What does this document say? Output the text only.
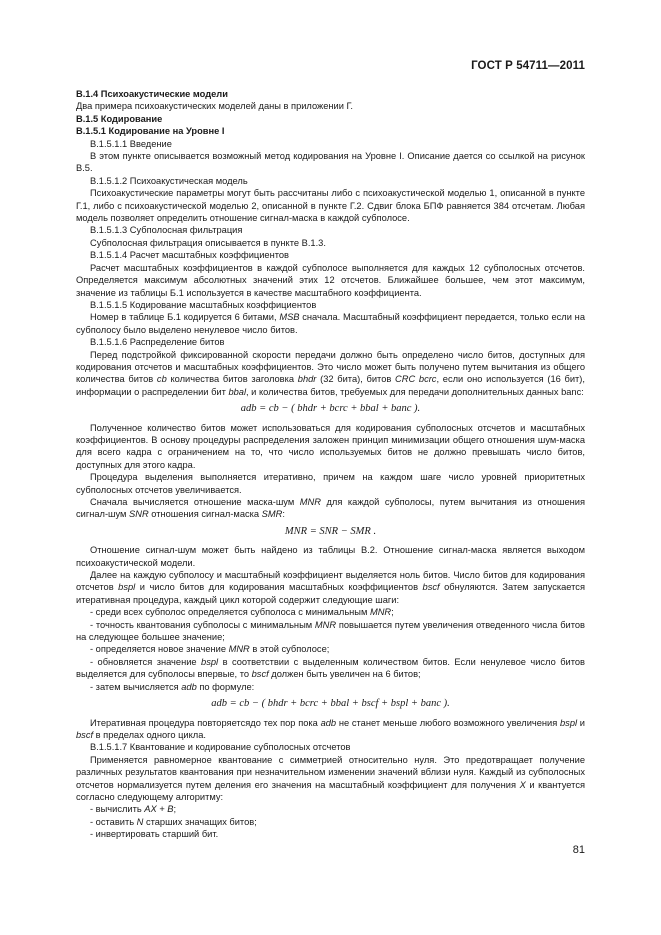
ГОСТ Р 54711—2011

В.1.4 Психоакустические модели

Два примера психоакустических моделей даны в приложении Г.

В.1.5 Кодирование

В.1.5.1 Кодирование на Уровне I

В.1.5.1.1 Введение

В этом пункте описывается возможный метод кодирования на Уровне I. Описание дается со ссылкой на рисунок В.5.

В.1.5.1.2 Психоакустическая модель

Психоакустические параметры могут быть рассчитаны либо с психоакустической моделью 1, описанной в пункте Г.1, либо с психоакустической моделью 2, описанной в пункте Г.2. Сдвиг блока БПФ равняется 384 отсчетам. Любая модель позволяет определить отношение сигнал-маска в каждой субполосе.

В.1.5.1.3 Субполосная фильтрация

Субполосная фильтрация описывается в пункте В.1.3.

В.1.5.1.4 Расчет масштабных коэффициентов

Расчет масштабных коэффициентов в каждой субполосе выполняется для каждых 12 субполосных отсчетов. Определяется максимум абсолютных значений этих 12 отсчетов. Ближайшее большее, чем этот максимум, значение из таблицы Б.1 используется в качестве масштабного коэффициента.

В.1.5.1.5 Кодирование масштабных коэффициентов

Номер в таблице Б.1 кодируется 6 битами, MSB сначала. Масштабный коэффициент передается, только если на субполосу было выделено ненулевое число битов.

В.1.5.1.6 Распределение битов

Перед подстройкой фиксированной скорости передачи должно быть определено число битов, доступных для кодирования отсчетов и масштабных коэффициентов. Это число может быть получено путем вычитания из общего количества битов cb количества битов заголовка bhdr (32 бита), битов CRC bcrc, если оно используется (16 бит), информации о распределении бит bbal, и количества битов, требуемых для передачи дополнительных данных banc:

adb = cb − ( bhdr + bcrc + bbal + banc ).

Полученное количество битов может использоваться для кодирования субполосных отсчетов и масштабных коэффициентов. В основу процедуры распределения заложен принцип минимизации общего отношения шум-маска для всего кадра с ограничением на то, что число используемых битов не должно превышать число битов, доступных для этого кадра.

Процедура выделения выполняется итеративно, причем на каждом шаге число уровней приоритетных субполосных отсчетов увеличивается.

Сначала вычисляется отношение маска-шум MNR для каждой субполосы, путем вычитания из отношения сигнал-шум SNR отношения сигнал-маска SMR:

MNR = SNR − SMR .

Отношение сигнал-шум может быть найдено из таблицы В.2. Отношение сигнал-маска является выходом психоакустической модели.

Далее на каждую субполосу и масштабный коэффициент выделяется ноль битов. Число битов для кодирования отсчетов bspl и число битов для кодирования масштабных коэффициентов bscf обнуляются. Затем запускается итеративная процедура, каждый цикл которой содержит следующие шаги:

- среди всех субполос определяется субполоса с минимальным MNR;

- точность квантования субполосы с минимальным MNR повышается путем увеличения отведенного числа битов на следующее большее значение;

- определяется новое значение MNR в этой субполосе;

- обновляется значение bspl в соответствии с выделенным количеством битов. Если ненулевое число битов выделяется для субполосы впервые, то bscf должен быть увеличен на 6 битов;

- затем вычисляется adb по формуле:

adb = cb − ( bhdr + bcrc + bbal + bscf + bspl + banc ).

Итеративная процедура повторяетсядо тех пор пока adb не станет меньше любого возможного увеличения bspl и bscf в пределах одного цикла.

В.1.5.1.7 Квантование и кодирование субполосных отсчетов

Применяется равномерное квантование с симметрией относительно нуля. Это предотвращает получение различных результатов квантования при незначительном изменении значений вблизи нуля. Каждый из субполосных отсчетов нормализуется путем деления его значения на масштабный коэффициент для получения X и квантуется согласно следующему алгоритму:

- вычислить AX + B;

- оставить N старших значащих битов;

- инвертировать старший бит.

81
